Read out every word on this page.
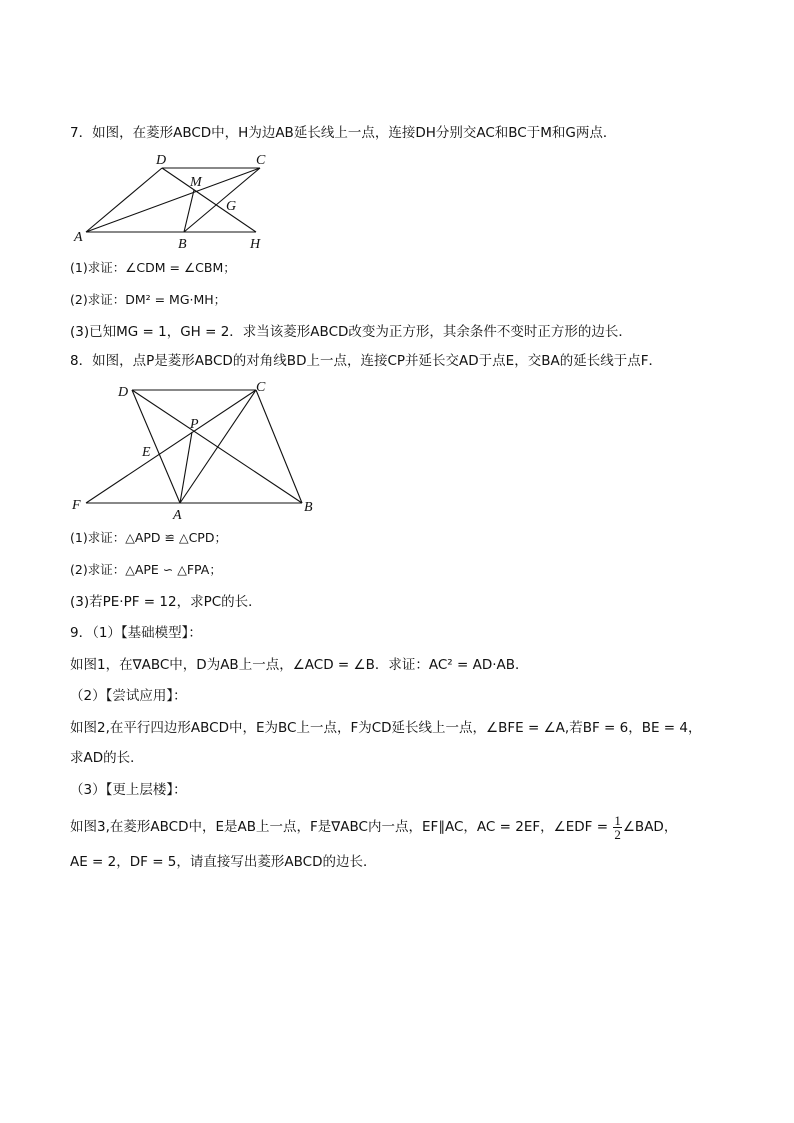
7．如图，在菱形ABCD中，H为边AB延长线上一点，连接DH分别交AC和BC于M和G两点．
D	C
M
G
A	B	H
(1)求证：∠CDM = ∠CBM；
(2)求证：DM² = MG·MH；
(3)已知MG = 1，GH = 2．求当该菱形ABCD改变为正方形，其余条件不变时正方形的边长．
8．如图，点P是菱形ABCD的对角线BD上一点，连接CP并延长交AD于点E，交BA的延长线于点F．
D	C
P
E
F
A
B
(1)求证：△APD ≌ △CPD；
(2)求证：△APE ∽ △FPA；
(3)若PE·PF = 12，求PC的长．
9．（1）【基础模型】：
如图1，在∇ABC中，D为AB上一点，∠ACD = ∠B．求证：AC² = AD·AB．
（2）【尝试应用】：
如图2,在平行四边形ABCD中，E为BC上一点，F为CD延长线上一点，∠BFE = ∠A,若BF = 6，BE = 4，
求AD的长．
（3）【更上层楼】：
如图3,在菱形ABCD中，E是AB上一点，F是∇ABC内一点，EF∥AC，AC = 2EF，∠EDF = $\frac{1}{2}$ ∠BAD，
AE = 2，DF = 5，请直接写出菱形ABCD的边长．
